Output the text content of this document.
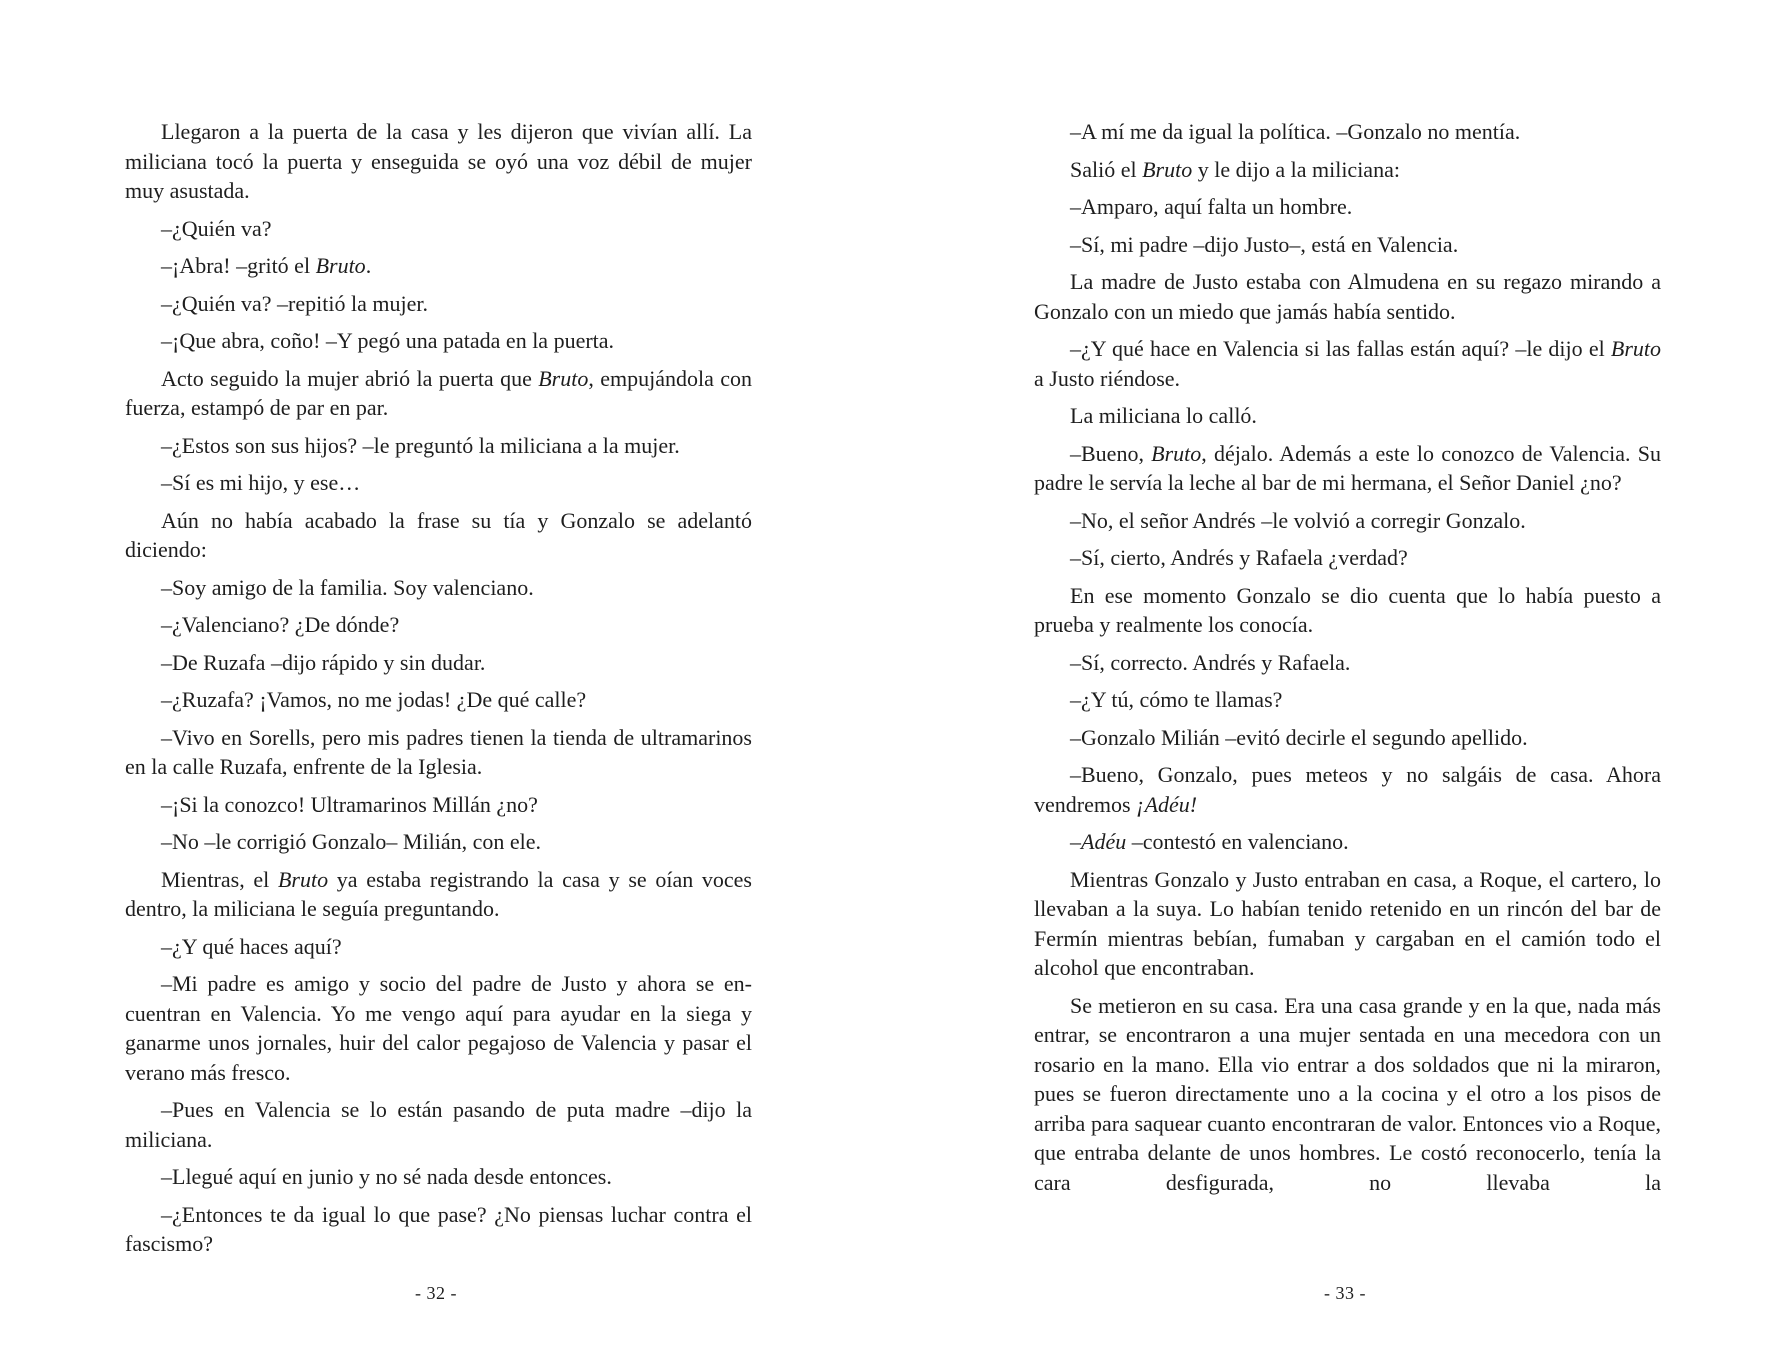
Llegaron a la puerta de la casa y les dijeron que vivían allí. La miliciana tocó la puerta y enseguida se oyó una voz débil de mujer muy asustada.

–¿Quién va?

–¡Abra! –gritó el Bruto.

–¿Quién va? –repitió la mujer.

–¡Que abra, coño! –Y pegó una patada en la puerta.

Acto seguido la mujer abrió la puerta que Bruto, empujándola con fuerza, estampó de par en par.

–¿Estos son sus hijos? –le preguntó la miliciana a la mujer.

–Sí es mi hijo, y ese…

Aún no había acabado la frase su tía y Gonzalo se adelantó diciendo:

–Soy amigo de la familia. Soy valenciano.

–¿Valenciano? ¿De dónde?

–De Ruzafa –dijo rápido y sin dudar.

–¿Ruzafa? ¡Vamos, no me jodas! ¿De qué calle?

–Vivo en Sorells, pero mis padres tienen la tienda de ultramarinos en la calle Ruzafa, enfrente de la Iglesia.

–¡Si la conozco! Ultramarinos Millán ¿no?

–No –le corrigió Gonzalo– Milián, con ele.

Mientras, el Bruto ya estaba registrando la casa y se oían voces dentro, la miliciana le seguía preguntando.

–¿Y qué haces aquí?

–Mi padre es amigo y socio del padre de Justo y ahora se encuentran en Valencia. Yo me vengo aquí para ayudar en la siega y ganarme unos jornales, huir del calor pegajoso de Valencia y pasar el verano más fresco.

–Pues en Valencia se lo están pasando de puta madre –dijo la miliciana.

–Llegué aquí en junio y no sé nada desde entonces.

–¿Entonces te da igual lo que pase? ¿No piensas luchar contra el fascismo?

- 32 -

–A mí me da igual la política. –Gonzalo no mentía.

Salió el Bruto y le dijo a la miliciana:

–Amparo, aquí falta un hombre.

–Sí, mi padre –dijo Justo–, está en Valencia.

La madre de Justo estaba con Almudena en su regazo mirando a Gonzalo con un miedo que jamás había sentido.

–¿Y qué hace en Valencia si las fallas están aquí? –le dijo el Bruto a Justo riéndose.

La miliciana lo calló.

–Bueno, Bruto, déjalo. Además a este lo conozco de Valencia. Su padre le servía la leche al bar de mi hermana, el Señor Daniel ¿no?

–No, el señor Andrés –le volvió a corregir Gonzalo.

–Sí, cierto, Andrés y Rafaela ¿verdad?

En ese momento Gonzalo se dio cuenta que lo había puesto a prueba y realmente los conocía.

–Sí, correcto. Andrés y Rafaela.

–¿Y tú, cómo te llamas?

–Gonzalo Milián –evitó decirle el segundo apellido.

–Bueno, Gonzalo, pues meteos y no salgáis de casa. Ahora vendremos ¡Adéu!

–Adéu –contestó en valenciano.

Mientras Gonzalo y Justo entraban en casa, a Roque, el cartero, lo llevaban a la suya. Lo habían tenido retenido en un rincón del bar de Fermín mientras bebían, fumaban y cargaban en el camión todo el alcohol que encontraban.

Se metieron en su casa. Era una casa grande y en la que, nada más entrar, se encontraron a una mujer sentada en una mecedora con un rosario en la mano. Ella vio entrar a dos soldados que ni la miraron, pues se fueron directamente uno a la cocina y el otro a los pisos de arriba para saquear cuanto encontraran de valor. Entonces vio a Roque, que entraba delante de unos hombres. Le costó reconocerlo, tenía la cara desfigurada, no llevaba la

- 33 -
